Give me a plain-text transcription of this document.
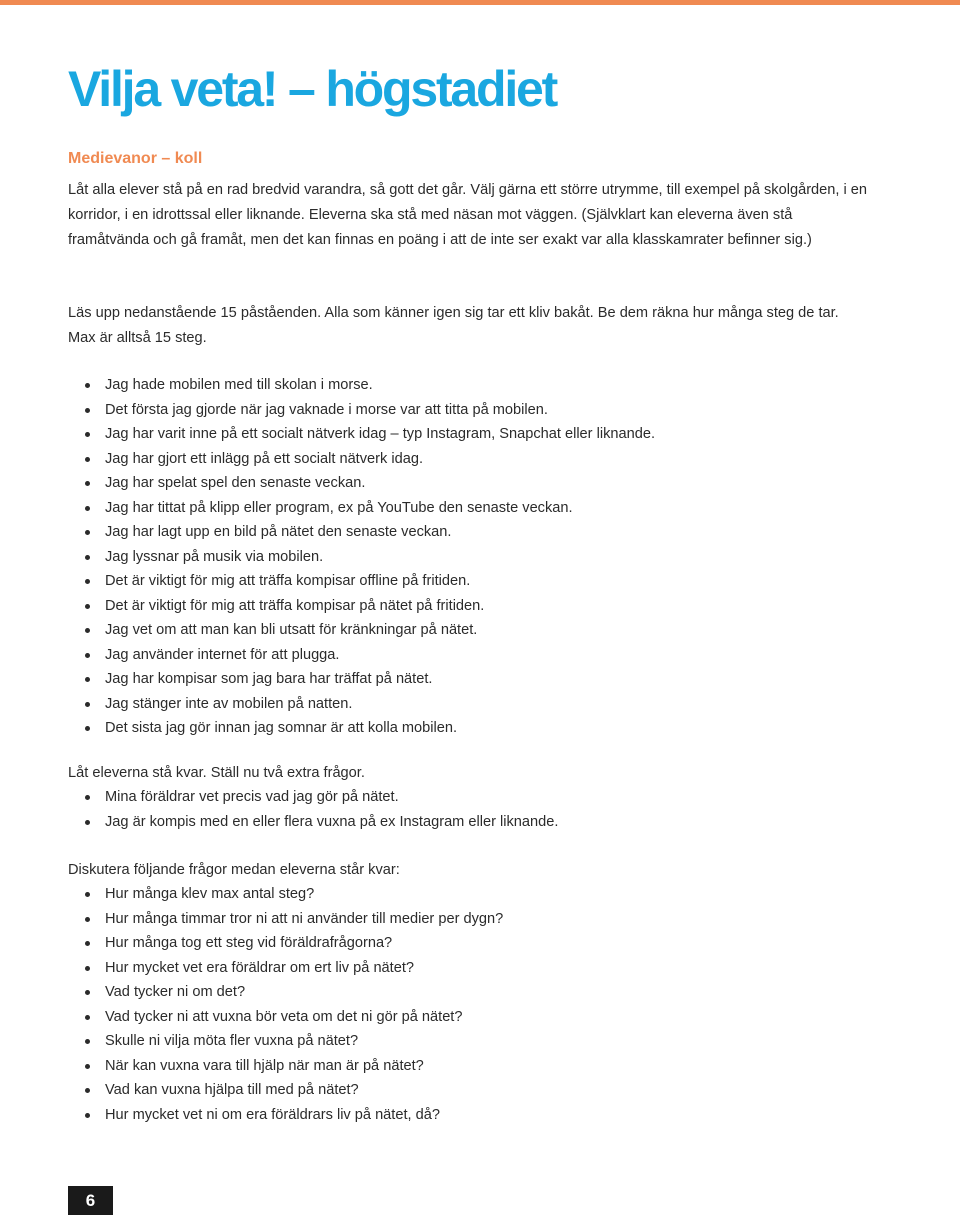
Vilja veta! – högstadiet
Medievanor – koll

Låt alla elever stå på en rad bredvid varandra, så gott det går. Välj gärna ett större utrymme, till exempel på skolgården, i en korridor, i en idrottssal eller liknande. Eleverna ska stå med näsan mot väggen. (Självklart kan eleverna även stå framåtvända och gå framåt, men det kan finnas en poäng i att de inte ser exakt var alla klasskamrater befinner sig.)

Läs upp nedanstående 15 påståenden. Alla som känner igen sig tar ett kliv bakåt. Be dem räkna hur många steg de tar. Max är alltså 15 steg.

Jag hade mobilen med till skolan i morse.
Det första jag gjorde när jag vaknade i morse var att titta på mobilen.
Jag har varit inne på ett socialt nätverk idag – typ Instagram, Snapchat eller liknande.
Jag har gjort ett inlägg på ett socialt nätverk idag.
Jag har spelat spel den senaste veckan.
Jag har tittat på klipp eller program, ex på YouTube den senaste veckan.
Jag har lagt upp en bild på nätet den senaste veckan.
Jag lyssnar på musik via mobilen.
Det är viktigt för mig att träffa kompisar offline på fritiden.
Det är viktigt för mig att träffa kompisar på nätet på fritiden.
Jag vet om att man kan bli utsatt för kränkningar på nätet.
Jag använder internet för att plugga.
Jag har kompisar som jag bara har träffat på nätet.
Jag stänger inte av mobilen på natten.
Det sista jag gör innan jag somnar är att kolla mobilen.

Låt eleverna stå kvar. Ställ nu två extra frågor.

Mina föräldrar vet precis vad jag gör på nätet.
Jag är kompis med en eller flera vuxna på ex Instagram eller liknande.

Diskutera följande frågor medan eleverna står kvar:

Hur många klev max antal steg?
Hur många timmar tror ni att ni använder till medier per dygn?
Hur många tog ett steg vid föräldrafrågorna?
Hur mycket vet era föräldrar om ert liv på nätet?
Vad tycker ni om det?
Vad tycker ni att vuxna bör veta om det ni gör på nätet?
Skulle ni vilja möta fler vuxna på nätet?
När kan vuxna vara till hjälp när man är på nätet?
Vad kan vuxna hjälpa till med på nätet?
Hur mycket vet ni om era föräldrars liv på nätet, då?
6
